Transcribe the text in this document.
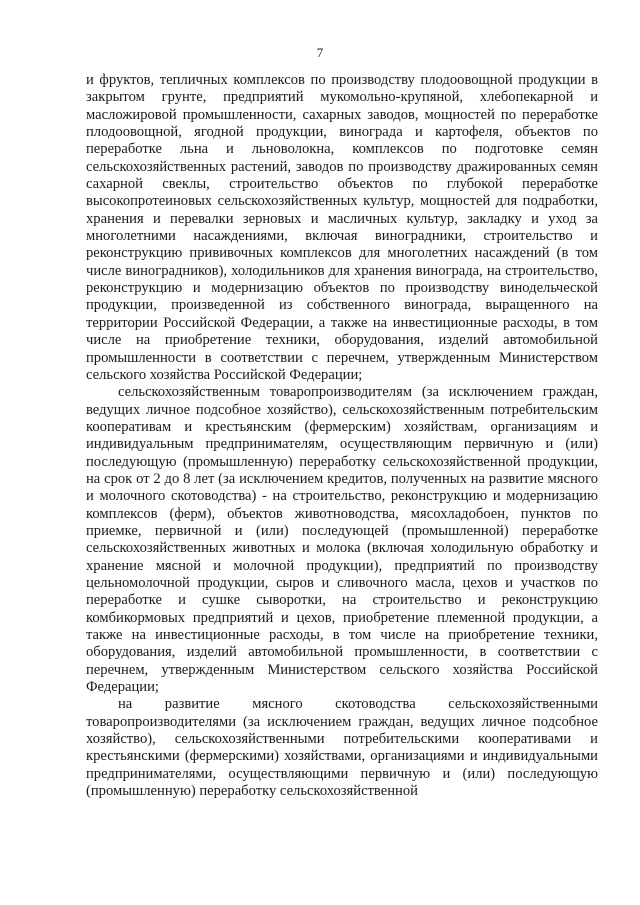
7

и фруктов, тепличных комплексов по производству плодоовощной продукции в закрытом грунте, предприятий мукомольно-крупяной, хлебопекарной и масложировой промышленности, сахарных заводов, мощностей по переработке плодоовощной, ягодной продукции, винограда и картофеля, объектов по переработке льна и льноволокна, комплексов по подготовке семян сельскохозяйственных растений, заводов по производству дражированных семян сахарной свеклы, строительство объектов по глубокой переработке высокопротеиновых сельскохозяйственных культур, мощностей для подработки, хранения и перевалки зерновых и масличных культур, закладку и уход за многолетними насаждениями, включая виноградники, строительство и реконструкцию прививочных комплексов для многолетних насаждений (в том числе виноградников), холодильников для хранения винограда, на строительство, реконструкцию и модернизацию объектов по производству винодельческой продукции, произведенной из собственного винограда, выращенного на территории Российской Федерации, а также на инвестиционные расходы, в том числе на приобретение техники, оборудования, изделий автомобильной промышленности в соответствии с перечнем, утвержденным Министерством сельского хозяйства Российской Федерации;

сельскохозяйственным товаропроизводителям (за исключением граждан, ведущих личное подсобное хозяйство), сельскохозяйственным потребительским кооперативам и крестьянским (фермерским) хозяйствам, организациям и индивидуальным предпринимателям, осуществляющим первичную и (или) последующую (промышленную) переработку сельскохозяйственной продукции, на срок от 2 до 8 лет (за исключением кредитов, полученных на развитие мясного и молочного скотоводства) - на строительство, реконструкцию и модернизацию комплексов (ферм), объектов животноводства, мясохладобоен, пунктов по приемке, первичной и (или) последующей (промышленной) переработке сельскохозяйственных животных и молока (включая холодильную обработку и хранение мясной и молочной продукции), предприятий по производству цельномолочной продукции, сыров и сливочного масла, цехов и участков по переработке и сушке сыворотки, на строительство и реконструкцию комбикормовых предприятий и цехов, приобретение племенной продукции, а также на инвестиционные расходы, в том числе на приобретение техники, оборудования, изделий автомобильной промышленности, в соответствии с перечнем, утвержденным Министерством сельского хозяйства Российской Федерации;

на развитие мясного скотоводства сельскохозяйственными товаропроизводителями (за исключением граждан, ведущих личное подсобное хозяйство), сельскохозяйственными потребительскими кооперативами и крестьянскими (фермерскими) хозяйствами, организациями и индивидуальными предпринимателями, осуществляющими первичную и (или) последующую (промышленную) переработку сельскохозяйственной
